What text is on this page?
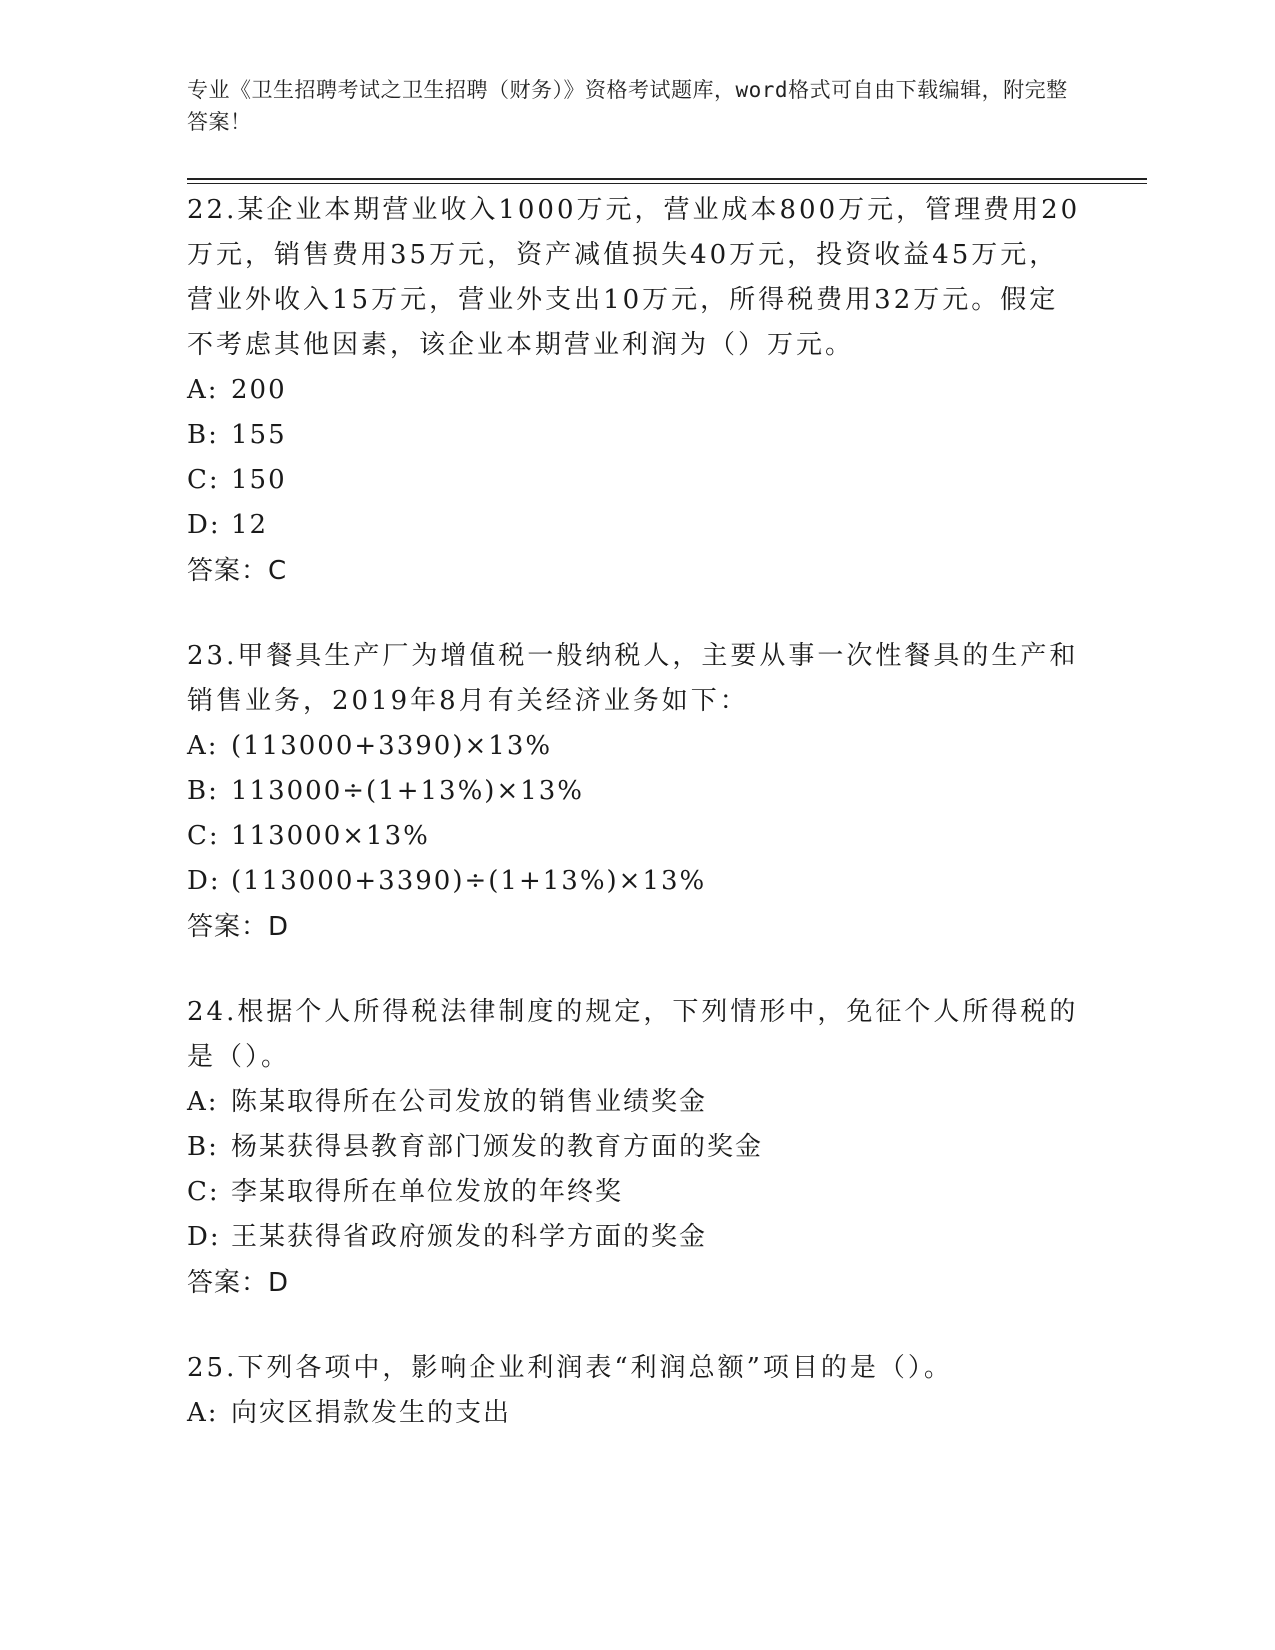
专业《卫生招聘考试之卫生招聘（财务）》资格考试题库，word格式可自由下载编辑，附完整答案！

22.某企业本期营业收入1000万元，营业成本800万元，管理费用20万元，销售费用35万元，资产减值损失40万元，投资收益45万元，营业外收入15万元，营业外支出10万元，所得税费用32万元。假定不考虑其他因素，该企业本期营业利润为（）万元。

A: 200
B: 155
C: 150
D: 12

答案：C

23.甲餐具生产厂为增值税一般纳税人，主要从事一次性餐具的生产和销售业务，2019年8月有关经济业务如下：

A: (113000+3390)×13%
B: 113000÷(1+13%)×13%
C: 113000×13%
D: (113000+3390)÷(1+13%)×13%

答案：D

24.根据个人所得税法律制度的规定，下列情形中，免征个人所得税的是（）。

A: 陈某取得所在公司发放的销售业绩奖金
B: 杨某获得县教育部门颁发的教育方面的奖金
C: 李某取得所在单位发放的年终奖
D: 王某获得省政府颁发的科学方面的奖金

答案：D

25.下列各项中，影响企业利润表“利润总额”项目的是（）。

A: 向灾区捐款发生的支出
